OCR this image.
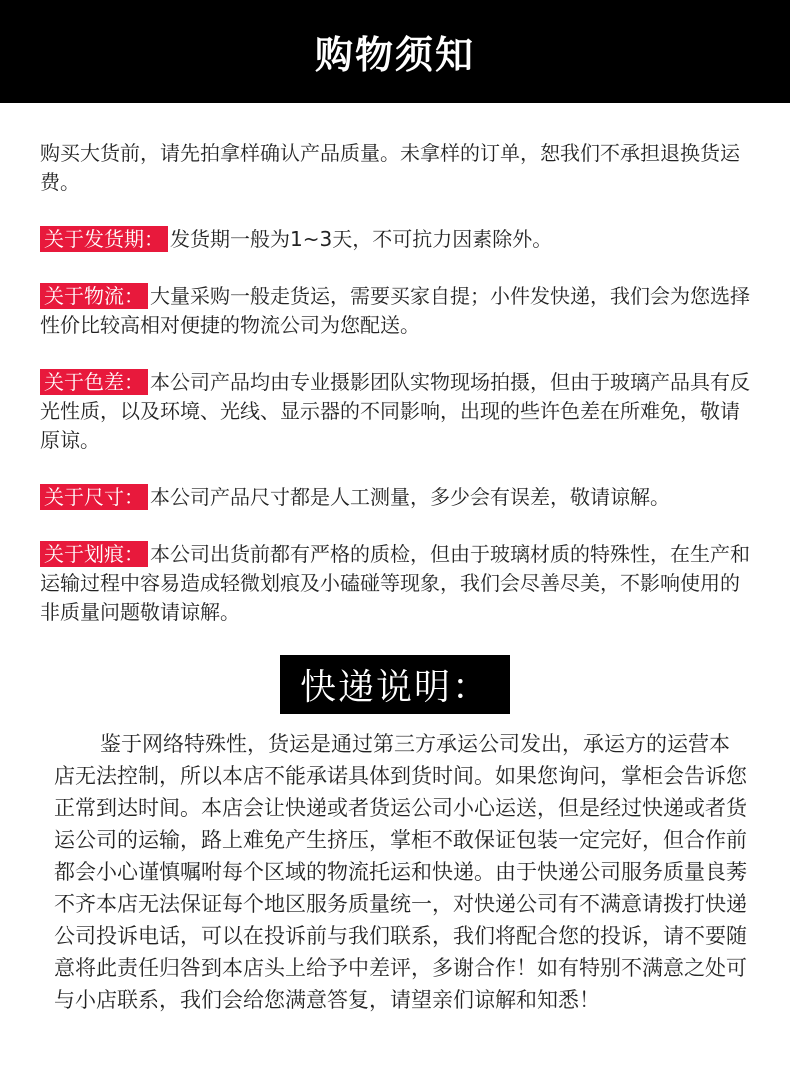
购物须知

购买大货前，请先拍拿样确认产品质量。未拿样的订单，恕我们不承担退换货运费。

关于发货期： 发货期一般为1~3天，不可抗力因素除外。

关于物流： 大量采购一般走货运，需要买家自提；小件发快递，我们会为您选择性价比较高相对便捷的物流公司为您配送。

关于色差： 本公司产品均由专业摄影团队实物现场拍摄，但由于玻璃产品具有反光性质，以及环境、光线、显示器的不同影响，出现的些许色差在所难免，敬请原谅。

关于尺寸： 本公司产品尺寸都是人工测量，多少会有误差，敬请谅解。

关于划痕： 本公司出货前都有严格的质检，但由于玻璃材质的特殊性，在生产和运输过程中容易造成轻微划痕及小磕碰等现象，我们会尽善尽美，不影响使用的非质量问题敬请谅解。

快递说明：

鉴于网络特殊性，货运是通过第三方承运公司发出，承运方的运营本店无法控制，所以本店不能承诺具体到货时间。如果您询问，掌柜会告诉您正常到达时间。本店会让快递或者货运公司小心运送，但是经过快递或者货运公司的运输，路上难免产生挤压，掌柜不敢保证包装一定完好，但合作前都会小心谨慎嘱咐每个区域的物流托运和快递。由于快递公司服务质量良莠不齐本店无法保证每个地区服务质量统一，对快递公司有不满意请拨打快递公司投诉电话，可以在投诉前与我们联系，我们将配合您的投诉，请不要随意将此责任归咎到本店头上给予中差评，多谢合作！如有特别不满意之处可与小店联系，我们会给您满意答复，请望亲们谅解和知悉！
